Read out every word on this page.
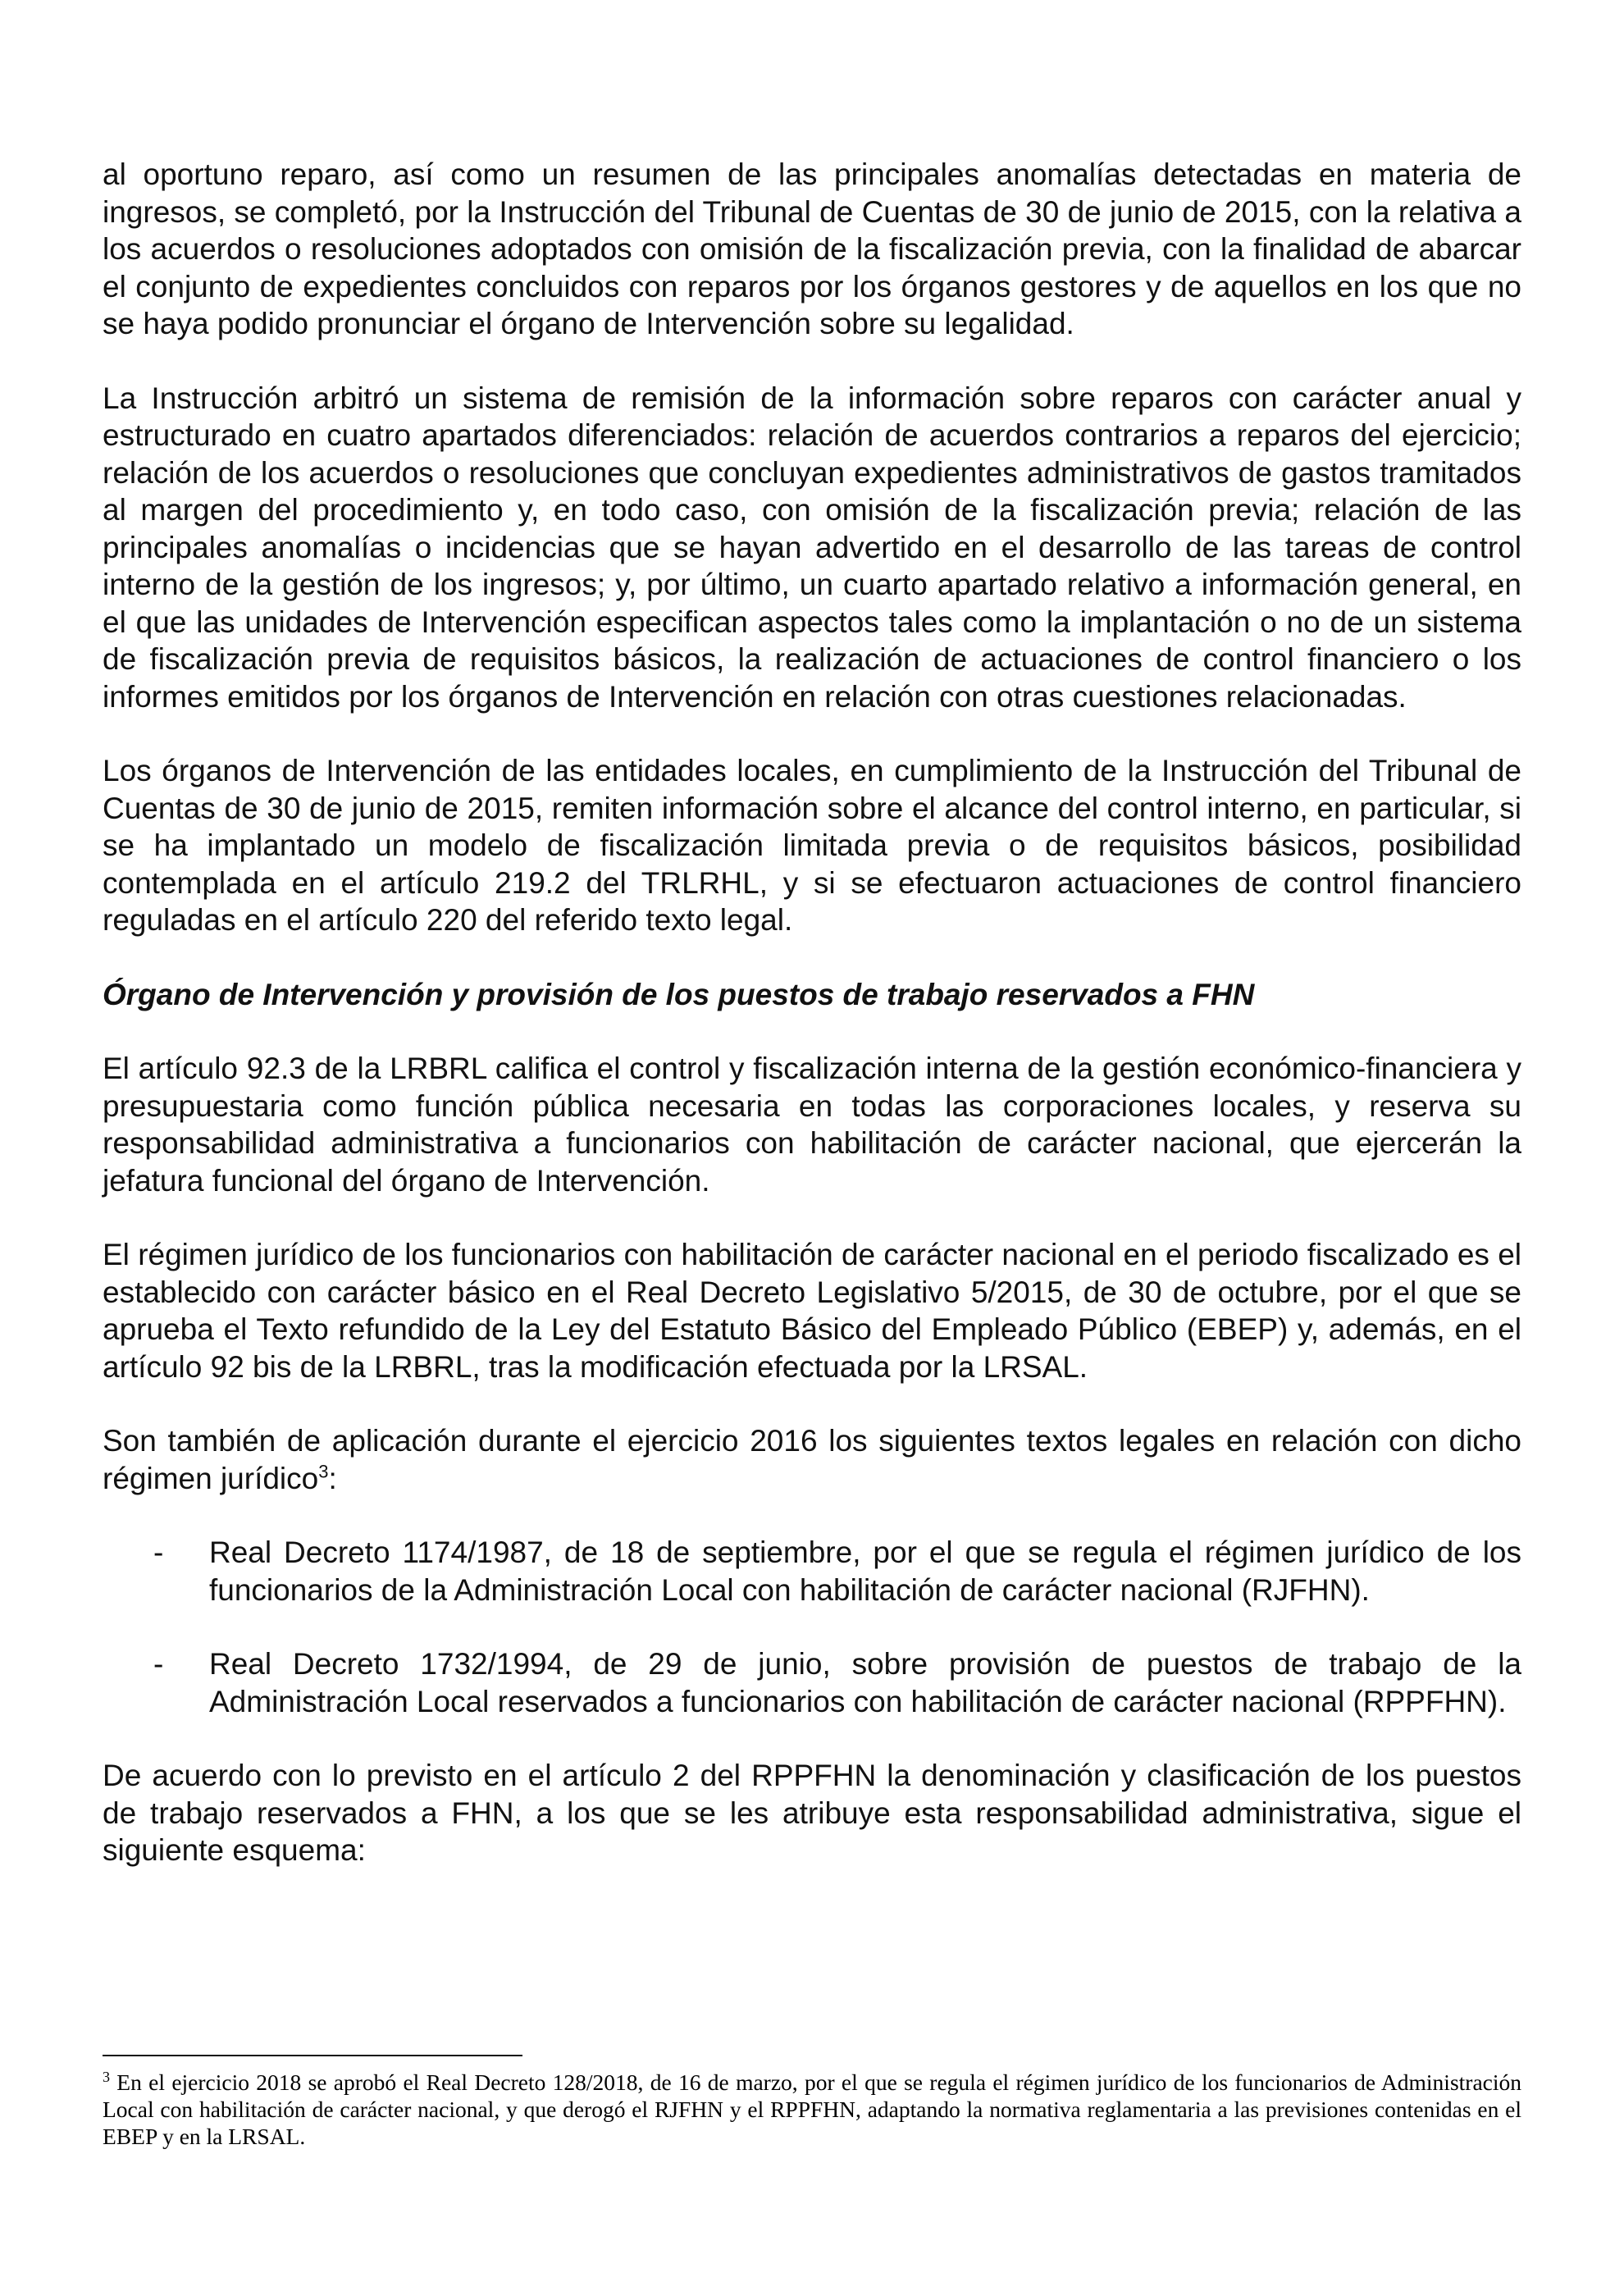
al oportuno reparo, así como un resumen de las principales anomalías detectadas en materia de ingresos, se completó, por la Instrucción del Tribunal de Cuentas de 30 de junio de 2015, con la relativa a los acuerdos o resoluciones adoptados con omisión de la fiscalización previa, con la finalidad de abarcar el conjunto de expedientes concluidos con reparos por los órganos gestores y de aquellos en los que no se haya podido pronunciar el órgano de Intervención sobre su legalidad.

La Instrucción arbitró un sistema de remisión de la información sobre reparos con carácter anual y estructurado en cuatro apartados diferenciados: relación de acuerdos contrarios a reparos del ejercicio; relación de los acuerdos o resoluciones que concluyan expedientes administrativos de gastos tramitados al margen del procedimiento y, en todo caso, con omisión de la fiscalización previa; relación de las principales anomalías o incidencias que se hayan advertido en el desarrollo de las tareas de control interno de la gestión de los ingresos; y, por último, un cuarto apartado relativo a información general, en el que las unidades de Intervención especifican aspectos tales como la implantación o no de un sistema de fiscalización previa de requisitos básicos, la realización de actuaciones de control financiero o los informes emitidos por los órganos de Intervención en relación con otras cuestiones relacionadas.

Los órganos de Intervención de las entidades locales, en cumplimiento de la Instrucción del Tribunal de Cuentas de 30 de junio de 2015, remiten información sobre el alcance del control interno, en particular, si se ha implantado un modelo de fiscalización limitada previa o de requisitos básicos, posibilidad contemplada en el artículo 219.2 del TRLRHL, y si se efectuaron actuaciones de control financiero reguladas en el artículo 220 del referido texto legal.

Órgano de Intervención y provisión de los puestos de trabajo reservados a FHN

El artículo 92.3 de la LRBRL califica el control y fiscalización interna de la gestión económico-financiera y presupuestaria como función pública necesaria en todas las corporaciones locales, y reserva su responsabilidad administrativa a funcionarios con habilitación de carácter nacional, que ejercerán la jefatura funcional del órgano de Intervención.

El régimen jurídico de los funcionarios con habilitación de carácter nacional en el periodo fiscalizado es el establecido con carácter básico en el Real Decreto Legislativo 5/2015, de 30 de octubre, por el que se aprueba el Texto refundido de la Ley del Estatuto Básico del Empleado Público (EBEP) y, además, en el artículo 92 bis de la LRBRL, tras la modificación efectuada por la LRSAL.

Son también de aplicación durante el ejercicio 2016 los siguientes textos legales en relación con dicho régimen jurídico$^3$:

- Real Decreto 1174/1987, de 18 de septiembre, por el que se regula el régimen jurídico de los funcionarios de la Administración Local con habilitación de carácter nacional (RJFHN).
- Real Decreto 1732/1994, de 29 de junio, sobre provisión de puestos de trabajo de la Administración Local reservados a funcionarios con habilitación de carácter nacional (RPPFHN).

De acuerdo con lo previsto en el artículo 2 del RPPFHN la denominación y clasificación de los puestos de trabajo reservados a FHN, a los que se les atribuye esta responsabilidad administrativa, sigue el siguiente esquema:

$^3$ En el ejercicio 2018 se aprobó el Real Decreto 128/2018, de 16 de marzo, por el que se regula el régimen jurídico de los funcionarios de Administración Local con habilitación de carácter nacional, y que derogó el RJFHN y el RPPFHN, adaptando la normativa reglamentaria a las previsiones contenidas en el EBEP y en la LRSAL.
